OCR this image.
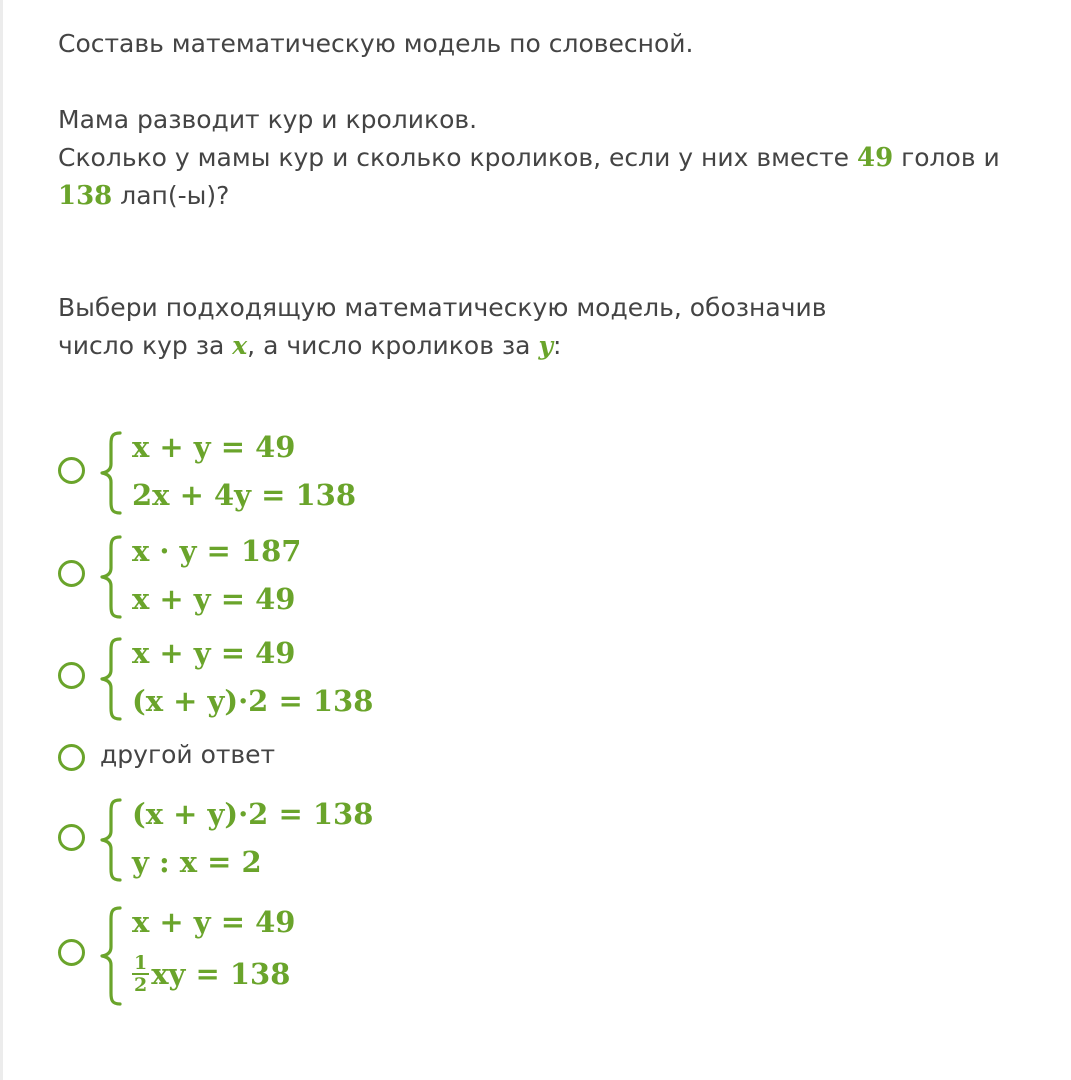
Составь математическую модель по словесной.
Мама разводит кур и кроликов.
Сколько у мамы кур и сколько кроликов, если у них вместе 49 голов и
138 лап(-ы)?
Выбери подходящую математическую модель, обозначив
число кур за x, а число кроликов за y:
x + y = 49
2x + 4y = 138
x · y = 187
x + y = 49
x + y = 49
(x + y)·2 = 138
другой ответ
(x + y)·2 = 138
y : x = 2
x + y = 49
$\frac{1}{2}$ xy = 138
